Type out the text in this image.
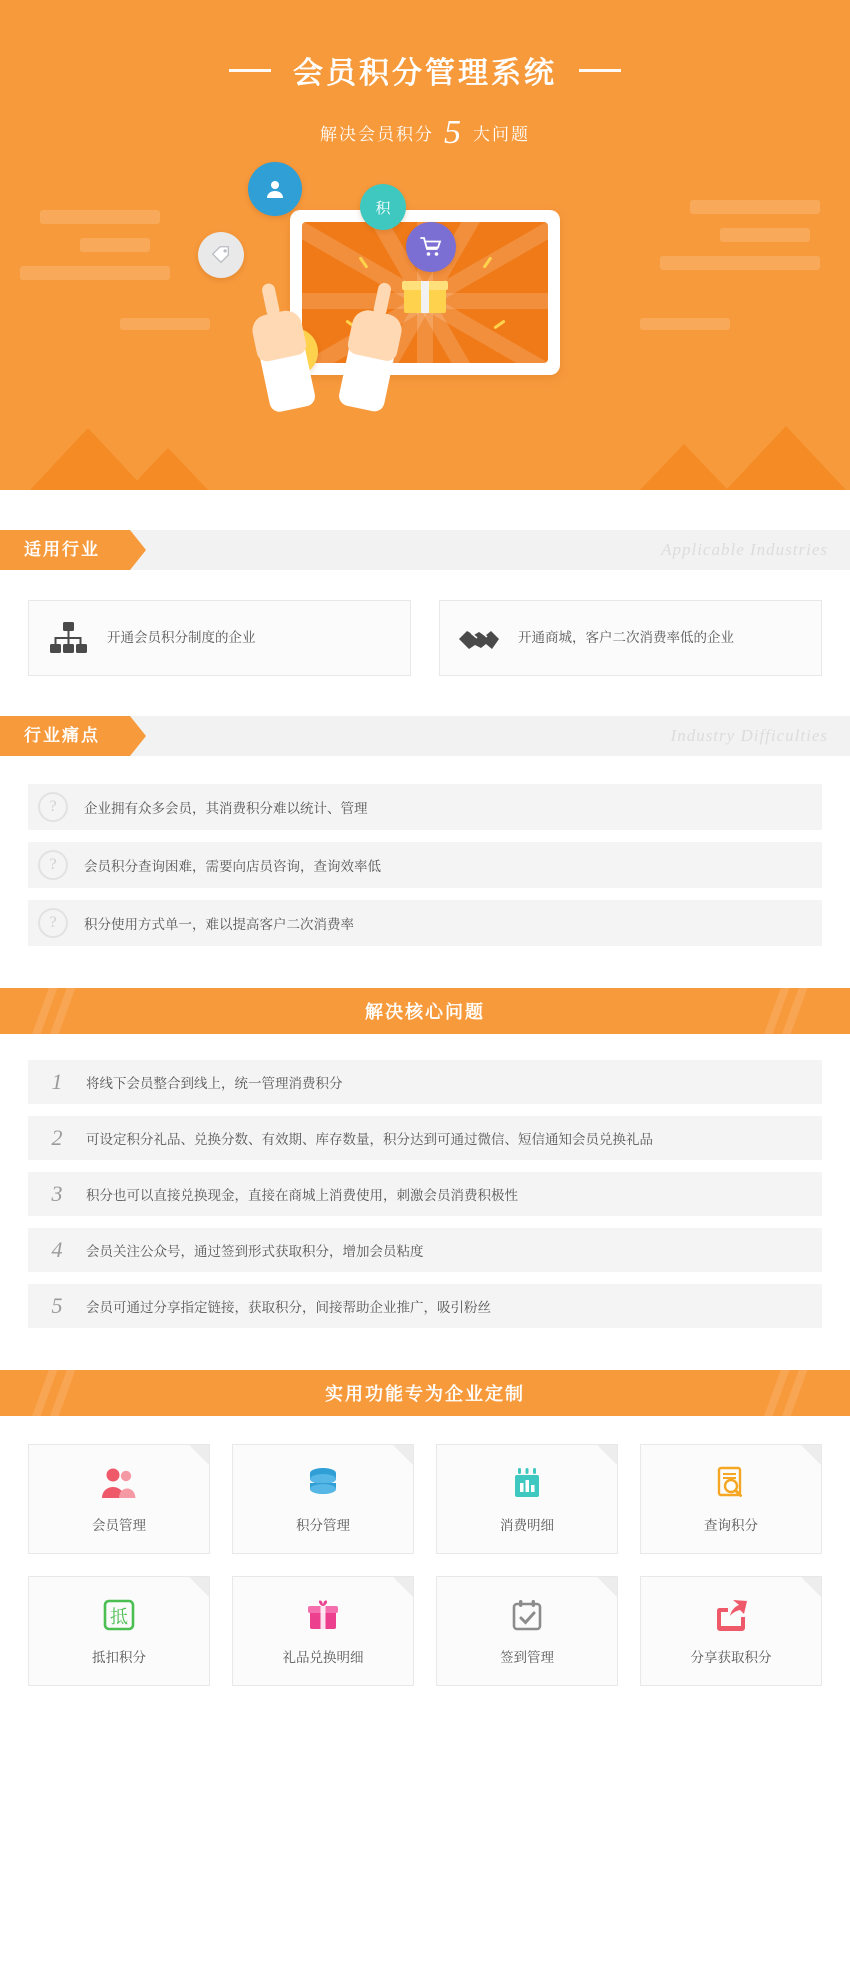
会员积分管理系统
解决会员积分 5 大问题
积
适用行业	Applicable Industries
开通会员积分制度的企业	开通商城，客户二次消费率低的企业
行业痛点	Industry Difficulties
?	企业拥有众多会员，其消费积分难以统计、管理
?	会员积分查询困难，需要向店员咨询，查询效率低
?	积分使用方式单一，难以提高客户二次消费率
解决核心问题
1	将线下会员整合到线上，统一管理消费积分
2	可设定积分礼品、兑换分数、有效期、库存数量，积分达到可通过微信、短信通知会员兑换礼品
3	积分也可以直接兑换现金，直接在商城上消费使用，刺激会员消费积极性
4	会员关注公众号，通过签到形式获取积分，增加会员粘度
5	会员可通过分享指定链接，获取积分，间接帮助企业推广，吸引粉丝
实用功能专为企业定制
会员管理	积分管理	消费明细	查询积分
抵
抵扣积分	礼品兑换明细	签到管理	分享获取积分
